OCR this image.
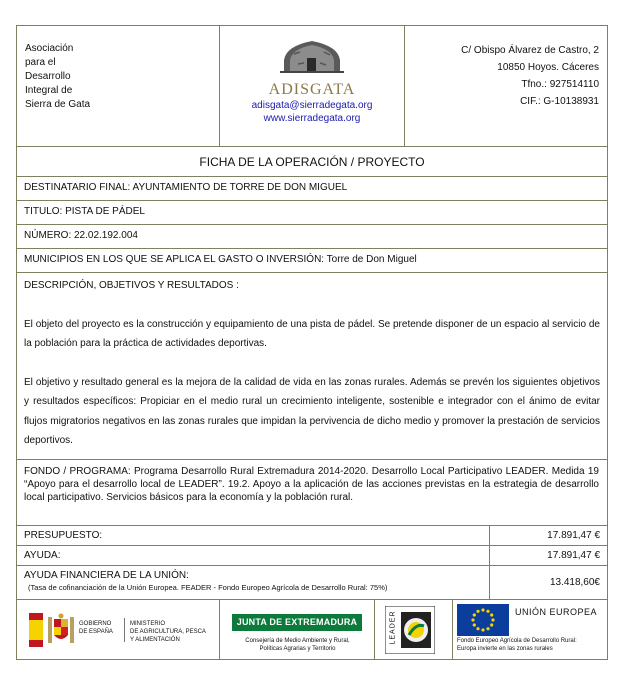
Asociación
para el
Desarrollo
Integral de
Sierra de Gata
ADISGATA
adisgata@sierradegata.org
www.sierradegata.org
C/ Obispo Álvarez de Castro, 2
10850 Hoyos. Cáceres
Tfno.: 927514110
CIF.: G-10138931
FICHA DE LA OPERACIÓN / PROYECTO
DESTINATARIO FINAL: AYUNTAMIENTO DE TORRE DE DON MIGUEL
TITULO: PISTA DE PÁDEL
NÚMERO: 22.02.192.004
MUNICIPIOS EN LOS QUE SE APLICA EL GASTO O INVERSIÓN: Torre de Don Miguel

DESCRIPCIÓN, OBJETIVOS Y RESULTADOS :

El objeto del proyecto es la construcción y equipamiento de una pista de pádel. Se pretende disponer de un espacio al servicio de la población para la práctica de actividades deportivas.

El objetivo y resultado general es la mejora de la calidad de vida en las zonas rurales. Además se prevén los siguientes objetivos y resultados específicos: Propiciar en el medio rural un crecimiento inteligente, sostenible e integrador con el ánimo de evitar flujos migratorios negativos en las zonas rurales que impidan la pervivencia de dicho medio y promover la prestación de servicios deportivos.

FONDO / PROGRAMA: Programa Desarrollo Rural Extremadura 2014-2020. Desarrollo Local Participativo LEADER. Medida 19 “Apoyo para el desarrollo local de LEADER”. 19.2. Apoyo a la aplicación de las acciones previstas en la estrategia de desarrollo local participativo. Servicios básicos para la economía y la población rural.
PRESUPUESTO:	17.891,47 €
AYUDA:	17.891,47 €
AYUDA FINANCIERA DE LA UNIÓN:
(Tasa de cofinanciación de la Unión Europea. FEADER - Fondo Europeo Agrícola de Desarrollo Rural: 75%)	13.418,60€
GOBIERNO
DE ESPAÑA
MINISTERIO
DE AGRICULTURA, PESCA
Y ALIMENTACIÓN
JUNTA DE EXTREMADURA
Consejería de Medio Ambiente y Rural,
Políticas Agrarias y Territorio
LEADER	UNIÓN EUROPEA
Fondo Europeo Agrícola de Desarrollo Rural:
Europa invierte en las zonas rurales
